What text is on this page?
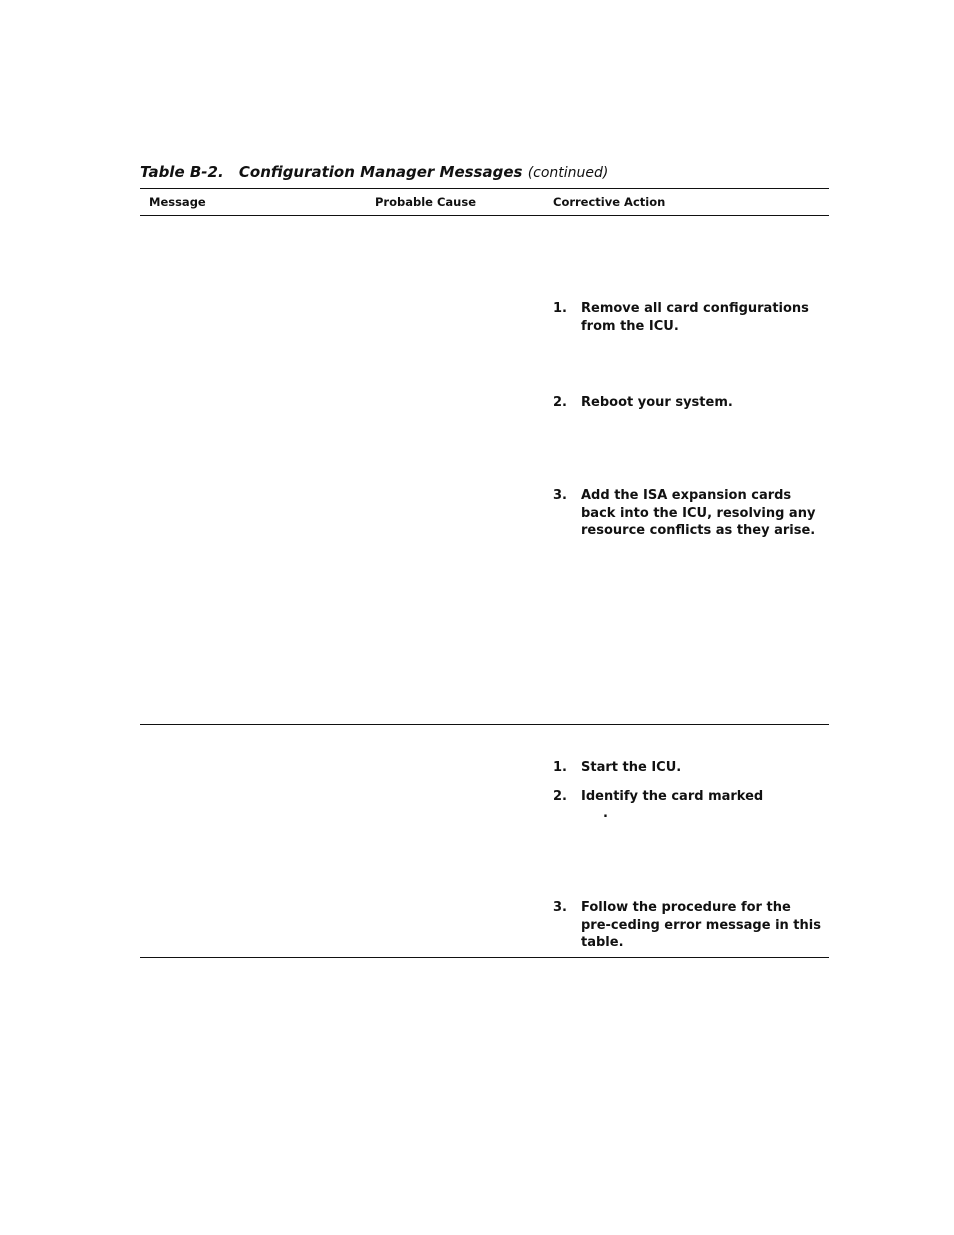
Table B-2. Configuration Manager Messages (continued)
Message	Probable Cause	Corrective Action
1. Remove all card configurations from the ICU.
2. Reboot your system.
3. Add the ISA expansion cards back into the ICU, resolving any resource conflicts as they arise.
1. Start the ICU.
2. Identify the card marked
.
3. Follow the procedure for the pre-ceding error message in this table.
